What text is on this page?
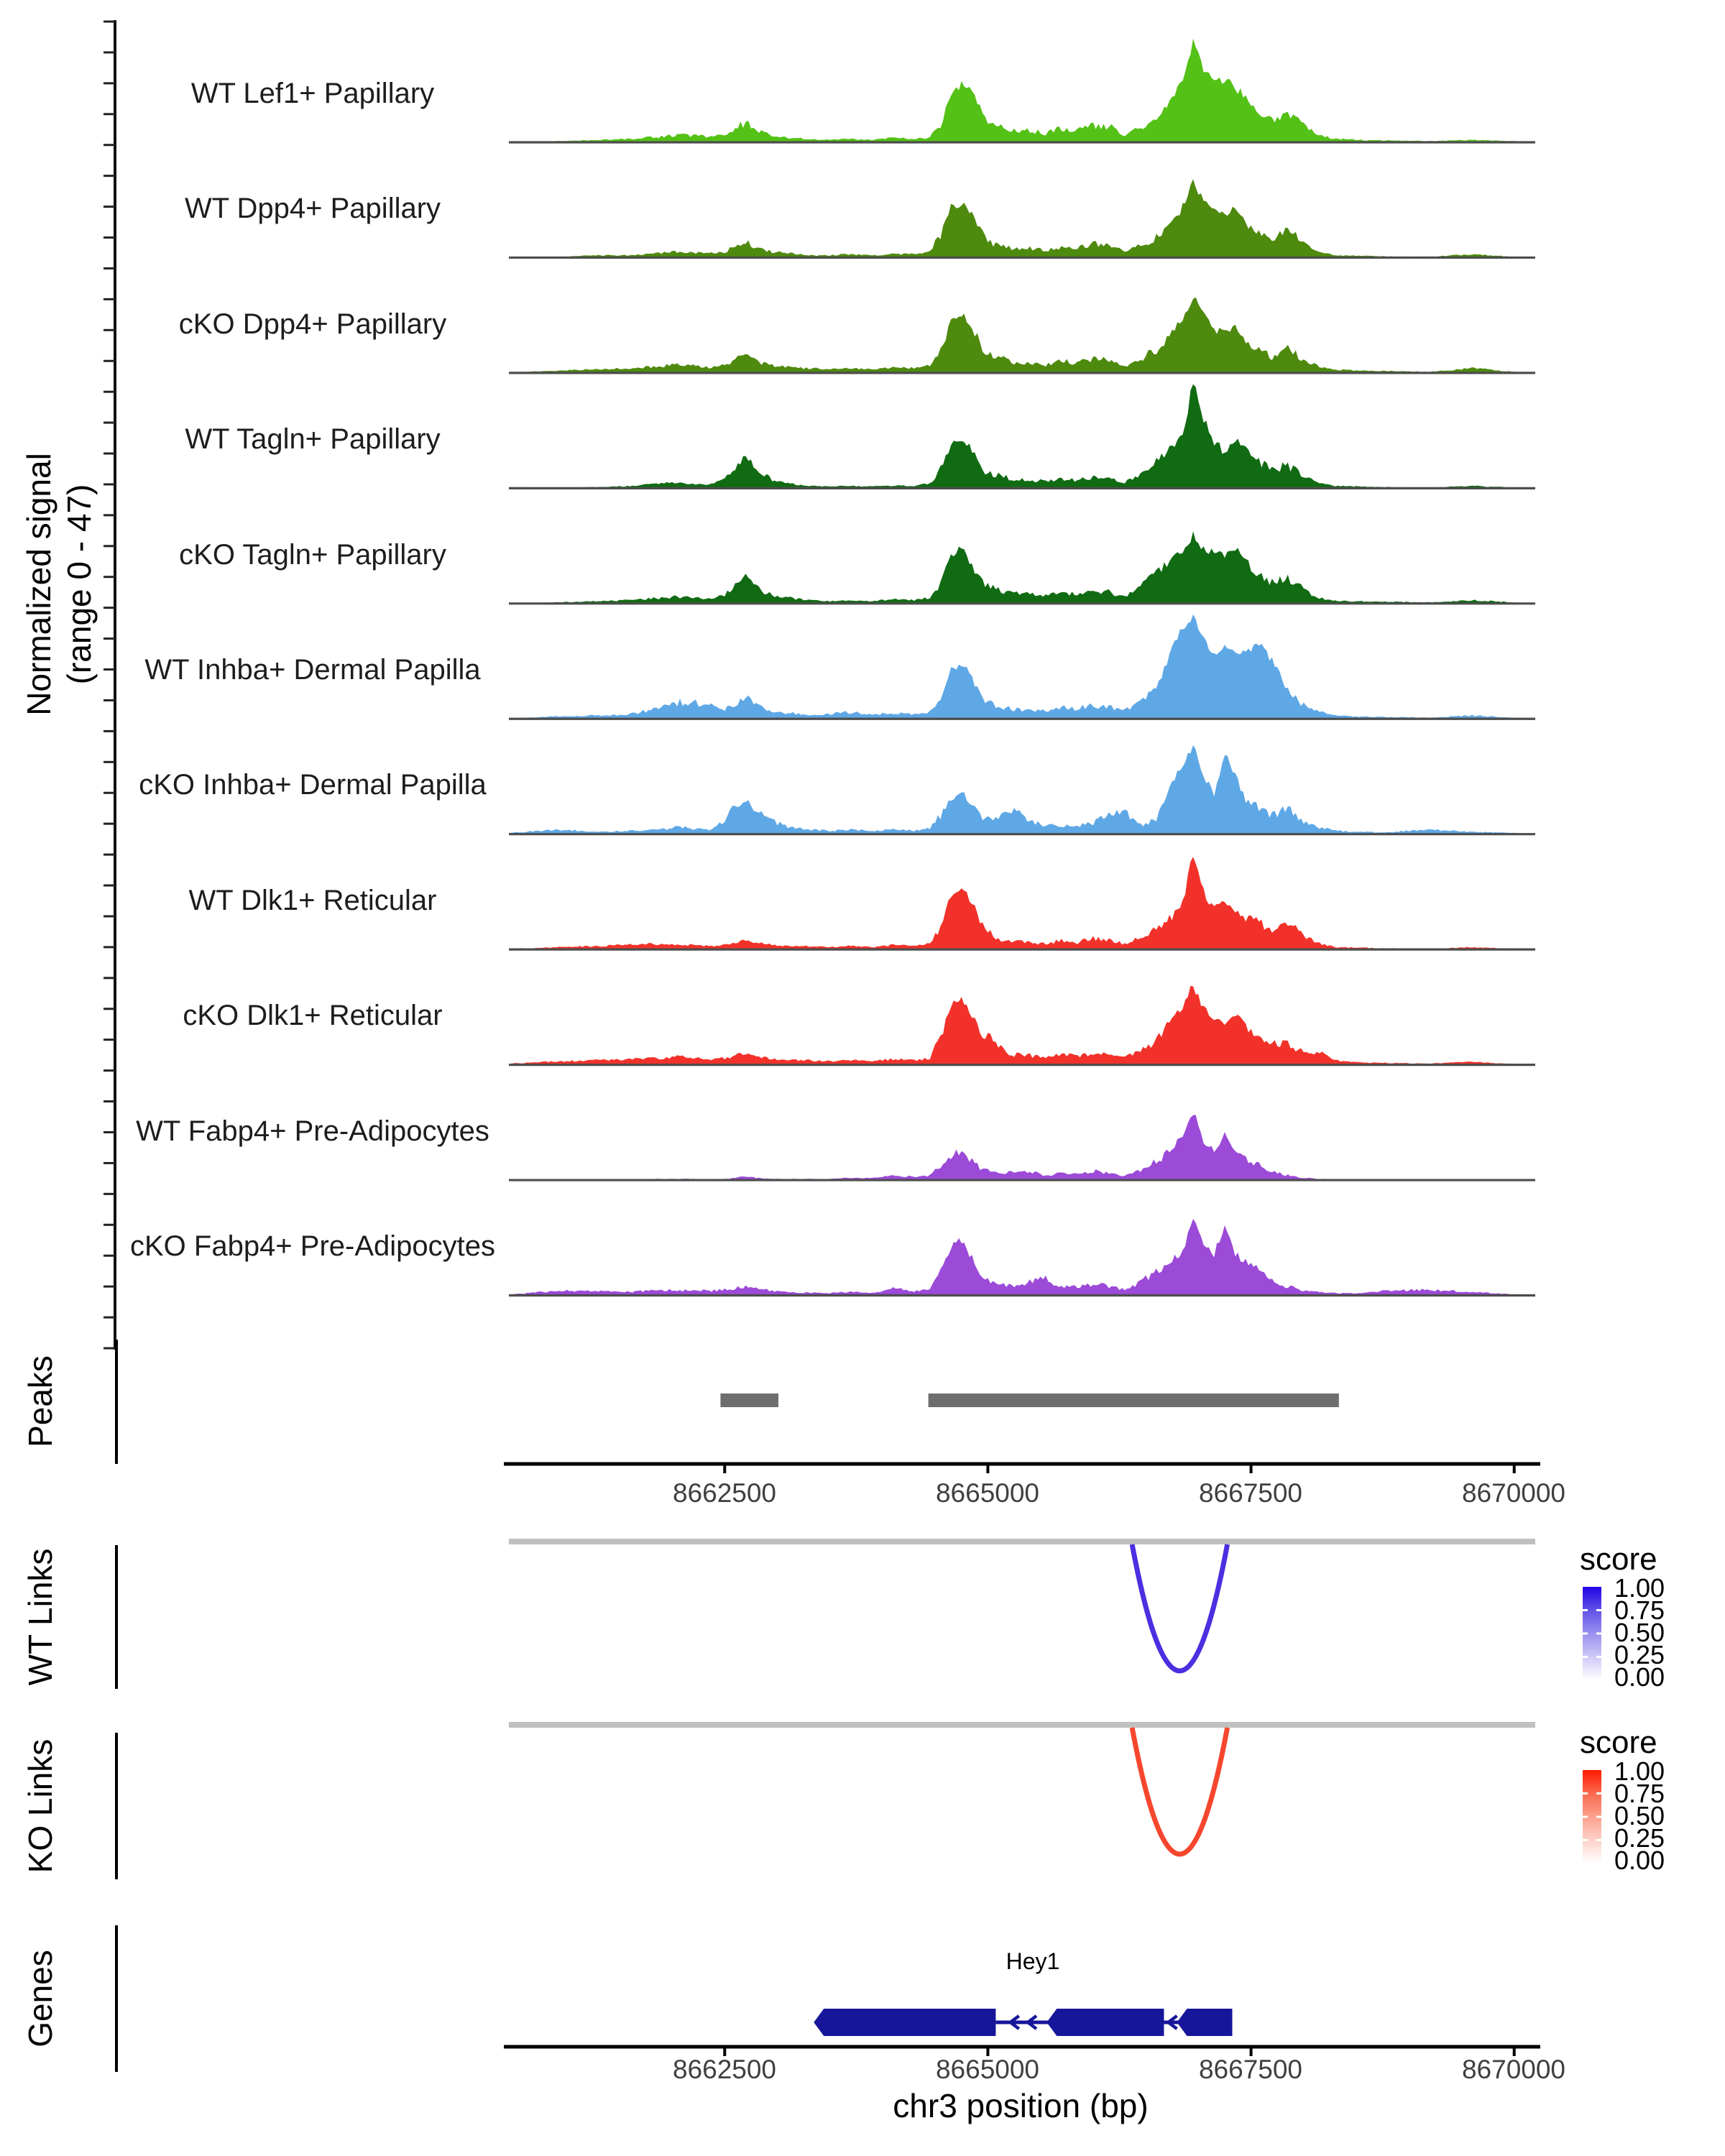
Normalized signal (range 0 - 47)
WT Lef1+ Papillary
WT Dpp4+ Papillary
cKO Dpp4+ Papillary
WT Tagln+ Papillary
cKO Tagln+ Papillary
WT Inhba+ Dermal Papilla
cKO Inhba+ Dermal Papilla
WT Dlk1+ Reticular
cKO Dlk1+ Reticular
WT Fabp4+ Pre-Adipocytes
cKO Fabp4+ Pre-Adipocytes
Peaks
WT Links
KO Links
Genes
8662500	8665000	8667500	8670000
score
1.00
0.75
0.50
0.25
0.00
score
1.00
0.75
0.50
0.25
0.00
Hey1
8662500	8665000	8667500	8670000
chr3 position (bp)
